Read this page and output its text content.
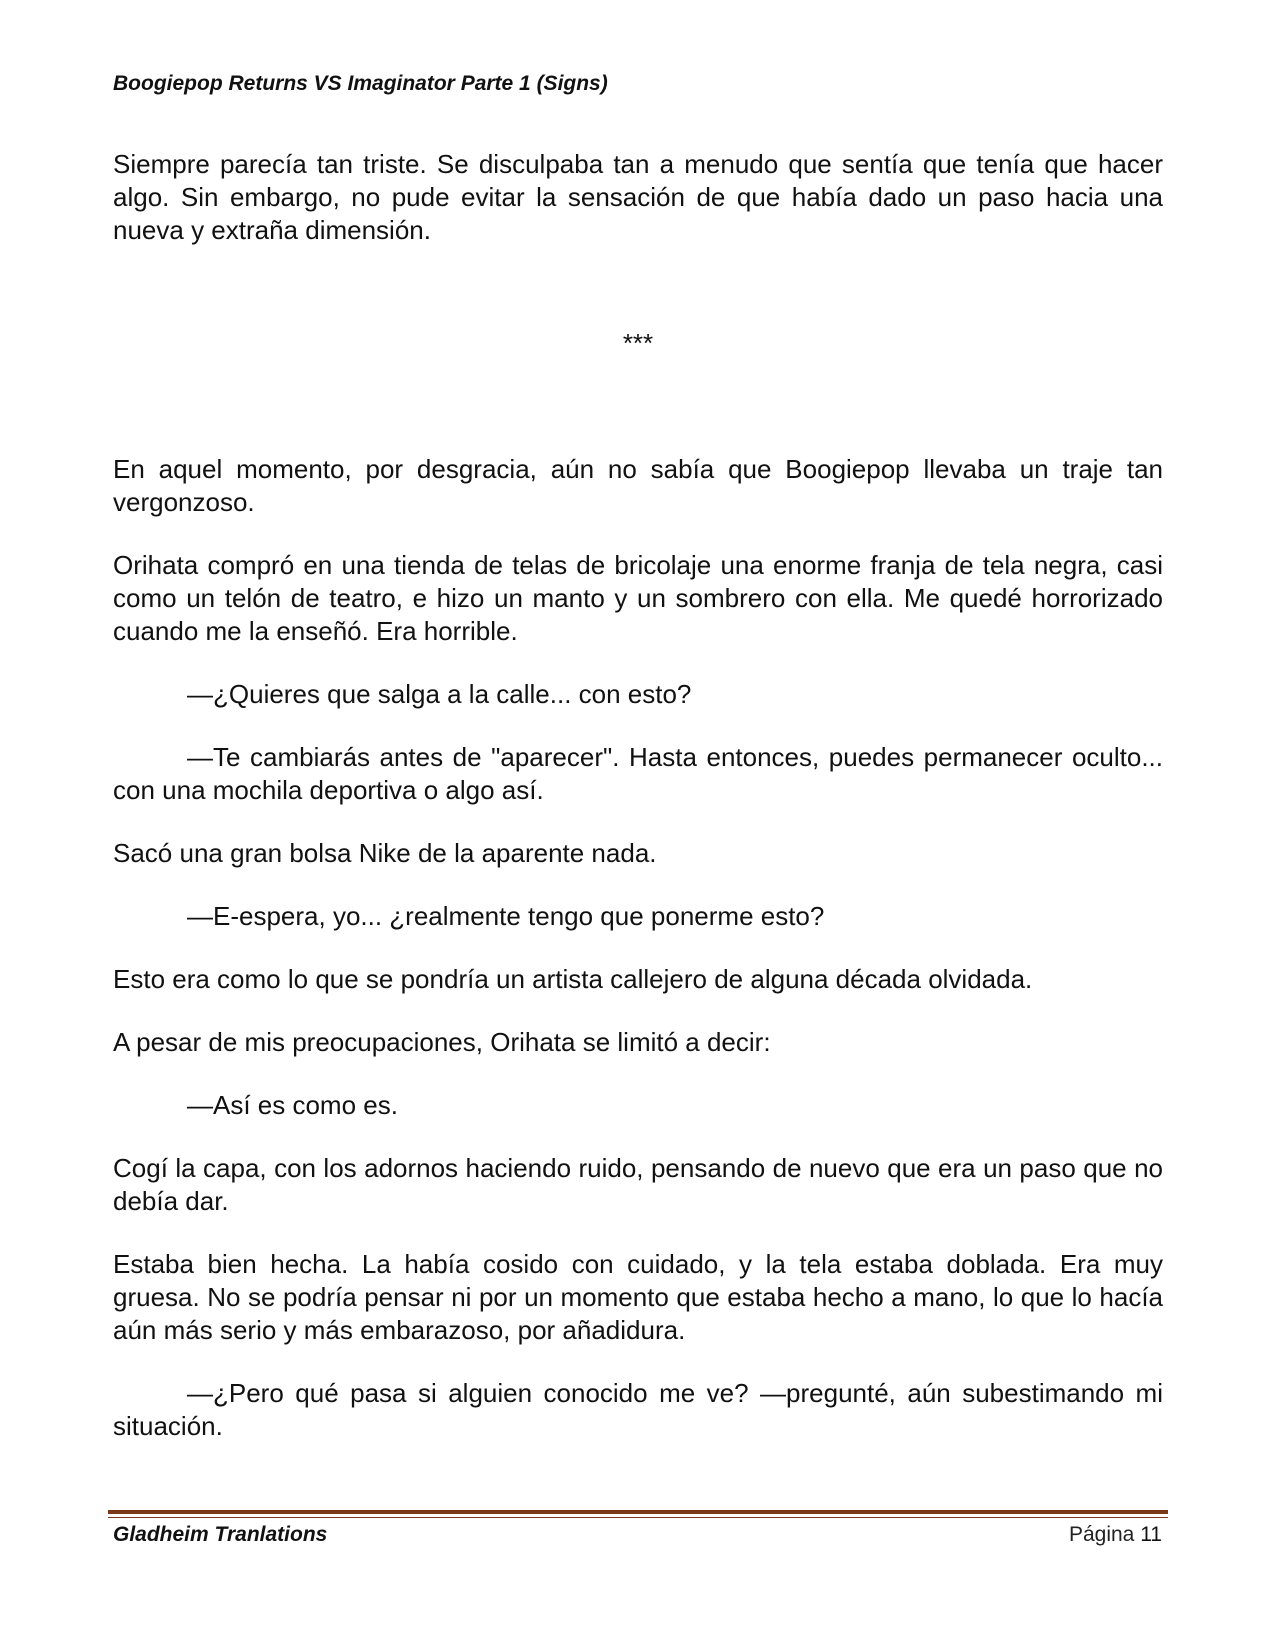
Boogiepop Returns VS Imaginator Parte 1 (Signs)

Siempre parecía tan triste. Se disculpaba tan a menudo que sentía que tenía que hacer algo. Sin embargo, no pude evitar la sensación de que había dado un paso hacia una nueva y extraña dimensión.

***

En aquel momento, por desgracia, aún no sabía que Boogiepop llevaba un traje tan vergonzoso.

Orihata compró en una tienda de telas de bricolaje una enorme franja de tela negra, casi como un telón de teatro, e hizo un manto y un sombrero con ella. Me quedé horrorizado cuando me la enseñó. Era horrible.

—¿Quieres que salga a la calle... con esto?

—Te cambiarás antes de "aparecer". Hasta entonces, puedes permanecer oculto... con una mochila deportiva o algo así.

Sacó una gran bolsa Nike de la aparente nada.

—E-espera, yo... ¿realmente tengo que ponerme esto?

Esto era como lo que se pondría un artista callejero de alguna década olvidada.

A pesar de mis preocupaciones, Orihata se limitó a decir:

—Así es como es.

Cogí la capa, con los adornos haciendo ruido, pensando de nuevo que era un paso que no debía dar.

Estaba bien hecha. La había cosido con cuidado, y la tela estaba doblada. Era muy gruesa. No se podría pensar ni por un momento que estaba hecho a mano, lo que lo hacía aún más serio y más embarazoso, por añadidura.

—¿Pero qué pasa si alguien conocido me ve? —pregunté, aún subestimando mi situación.

Gladheim Tranlations	Página 11
